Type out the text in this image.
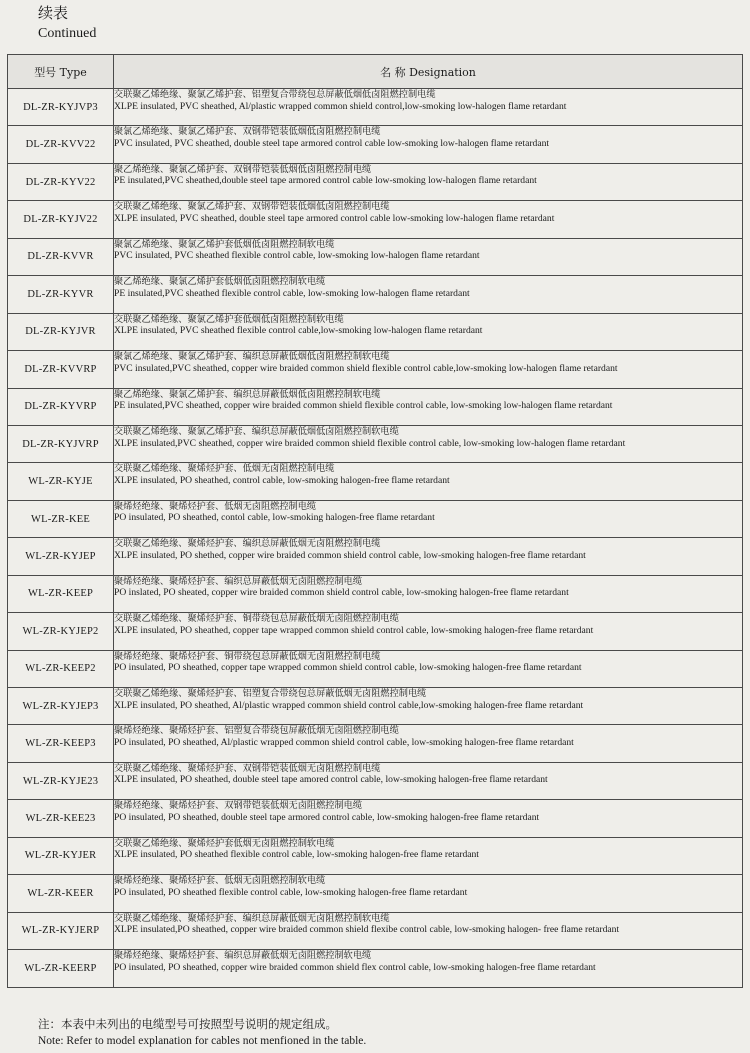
续表
Continued
型号 Type	名 称 Designation
DL-ZR-KYJVP3	交联聚乙烯绝缘、聚氯乙烯护套、铝塑复合带绕包总屏蔽低烟低卤阻燃控制电缆
XLPE insulated, PVC sheathed, Al/plastic wrapped common shield control,low-smoking low-halogen flame retardant

DL-ZR-KVV22	聚氯乙烯绝缘、聚氯乙烯护套、双钢带铠装低烟低卤阻燃控制电缆
PVC insulated, PVC sheathed, double steel tape armored control cable low-smoking low-halogen flame retardant

DL-ZR-KYV22	聚乙烯绝缘、聚氯乙烯护套、双钢带铠装低烟低卤阻燃控制电缆
PE insulated,PVC sheathed,double steel tape armored control cable low-smoking low-halogen flame retardant

DL-ZR-KYJV22	交联聚乙烯绝缘、聚氯乙烯护套、双钢带铠装低烟低卤阻燃控制电缆
XLPE insulated, PVC sheathed, double steel tape armored control cable low-smoking low-halogen flame retardant

DL-ZR-KVVR	聚氯乙烯绝缘、聚氯乙烯护套低烟低卤阻燃控制软电缆
PVC insulated, PVC sheathed flexible control cable, low-smoking low-halogen flame retardant

DL-ZR-KYVR	聚乙烯绝缘、聚氯乙烯护套低烟低卤阻燃控制软电缆
PE insulated,PVC sheathed flexible control cable, low-smoking low-halogen flame retardant

DL-ZR-KYJVR	交联聚乙烯绝缘、聚氯乙烯护套低烟低卤阻燃控制软电缆
XLPE insulated, PVC sheathed flexible control cable,low-smoking low-halogen flame retardant

DL-ZR-KVVRP	聚氯乙烯绝缘、聚氯乙烯护套、编织总屏蔽低烟低卤阻燃控制软电缆
PVC insulated,PVC sheathed, copper wire braided common shield flexible control cable,low-smoking low-halogen flame retardant

DL-ZR-KYVRP	聚乙烯绝缘、聚氯乙烯护套、编织总屏蔽低烟低卤阻燃控制软电缆
PE insulated,PVC sheathed, copper wire braided common shield flexible control cable, low-smoking low-halogen flame retardant

DL-ZR-KYJVRP	交联聚乙烯绝缘、聚氯乙烯护套、编织总屏蔽低烟低卤阻燃控制软电缆
XLPE insulated,PVC sheathed, copper wire braided common shield flexible control cable, low-smoking low-halogen flame retardant

WL-ZR-KYJE	交联聚乙烯绝缘、聚烯烃护套、低烟无卤阻燃控制电缆
XLPE insulated, PO sheathed, control cable, low-smoking halogen-free flame retardant

WL-ZR-KEE	聚烯烃绝缘、聚烯烃护套、低烟无卤阻燃控制电缆
PO insulated, PO sheathed, contol cable, low-smoking halogen-free flame retardant

WL-ZR-KYJEP	交联聚乙烯绝缘、聚烯烃护套、编织总屏蔽低烟无卤阻燃控制电缆
XLPE insulated, PO shethed, copper wire braided common shield control cable, low-smoking halogen-free flame retardant

WL-ZR-KEEP	聚烯烃绝缘、聚烯烃护套、编织总屏蔽低烟无卤阻燃控制电缆
PO inslated, PO sheated, copper wire braided common shield control cable, low-smoking halogen-free flame retardant

WL-ZR-KYJEP2	交联聚乙烯绝缘、聚烯烃护套、铜带绕包总屏蔽低烟无卤阻燃控制电缆
XLPE insulated, PO sheathed, copper tape wrapped common shield control cable, low-smoking halogen-free flame retardant

WL-ZR-KEEP2	聚烯烃绝缘、聚烯烃护套、铜带绕包总屏蔽低烟无卤阻燃控制电缆
PO insulated, PO sheathed, copper tape wrapped common shield control cable, low-smoking halogen-free flame retardant

WL-ZR-KYJEP3	交联聚乙烯绝缘、聚烯烃护套、铝塑复合带绕包总屏蔽低烟无卤阻燃控制电缆
XLPE insulated, PO sheathed, Al/plastic wrapped common shield control cable,low-smoking halogen-free flame retardant

WL-ZR-KEEP3	聚烯烃绝缘、聚烯烃护套、铝塑复合带绕包屏蔽低烟无卤阻燃控制电缆
PO insulated, PO sheathed, Al/plastic wrapped common shield control cable, low-smoking halogen-free flame retardant

WL-ZR-KYJE23	交联聚乙烯绝缘、聚烯烃护套、双钢带铠装低烟无卤阻燃控制电缆
XLPE insulated, PO sheathed, double steel tape amored control cable, low-smoking halogen-free flame retardant

WL-ZR-KEE23	聚烯烃绝缘、聚烯烃护套、双钢带铠装低烟无卤阻燃控制电缆
PO insulated, PO sheathed, double steel tape armored control cable, low-smoking halogen-free flame retardant

WL-ZR-KYJER	交联聚乙烯绝缘、聚烯烃护套低烟无卤阻燃控制软电缆
XLPE insulated, PO sheathed flexible control cable, low-smoking halogen-free flame retardant

WL-ZR-KEER	聚烯烃绝缘、聚烯烃护套、低烟无卤阻燃控制软电缆
PO insulated, PO sheathed flexible control cable, low-smoking halogen-free flame retardant

WL-ZR-KYJERP	交联聚乙烯绝缘、聚烯烃护套、编织总屏蔽低烟无卤阻燃控制软电缆
XLPE insulated,PO sheathed, copper wire braided common shield flexibe control cable, low-smoking halogen- free flame retardant

WL-ZR-KEERP	聚烯烃绝缘、聚烯烃护套、编织总屏蔽低烟无卤阻燃控制软电缆
PO insulated, PO sheathed, copper wire braided common shield flex control cable, low-smoking halogen-free flame retardant
注：本表中未列出的电缆型号可按照型号说明的规定组成。
Note: Refer to model explanation for cables not menfioned in the table.
